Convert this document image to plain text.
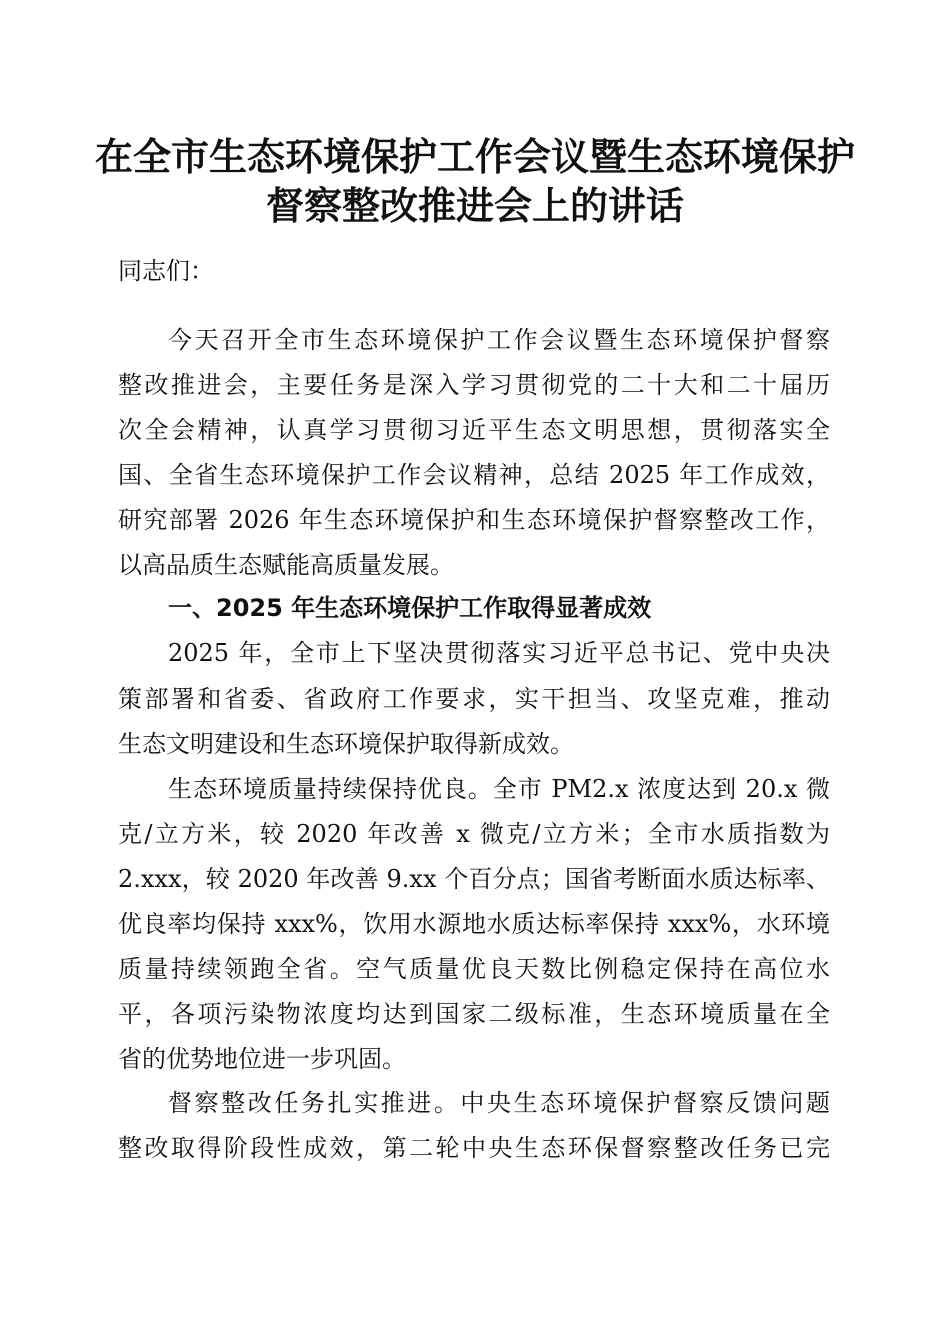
在全市生态环境保护工作会议暨生态环境保护
督察整改推进会上的讲话
同志们：
今天召开全市生态环境保护工作会议暨生态环境保护督察
整改推进会，主要任务是深入学习贯彻党的二十大和二十届历
次全会精神，认真学习贯彻习近平生态文明思想，贯彻落实全
国、全省生态环境保护工作会议精神，总结 2025 年工作成效，
研究部署 2026 年生态环境保护和生态环境保护督察整改工作，
以高品质生态赋能高质量发展。
一、2025 年生态环境保护工作取得显著成效
2025 年，全市上下坚决贯彻落实习近平总书记、党中央决
策部署和省委、省政府工作要求，实干担当、攻坚克难，推动
生态文明建设和生态环境保护取得新成效。
生态环境质量持续保持优良。全市 PM2.x 浓度达到 20.x 微
克/立方米，较 2020 年改善 x 微克/立方米；全市水质指数为
2.xxx，较 2020 年改善 9.xx 个百分点；国省考断面水质达标率、
优良率均保持 xxx%，饮用水源地水质达标率保持 xxx%，水环境
质量持续领跑全省。空气质量优良天数比例稳定保持在高位水
平，各项污染物浓度均达到国家二级标准，生态环境质量在全
省的优势地位进一步巩固。
督察整改任务扎实推进。中央生态环境保护督察反馈问题
整改取得阶段性成效，第二轮中央生态环保督察整改任务已完
